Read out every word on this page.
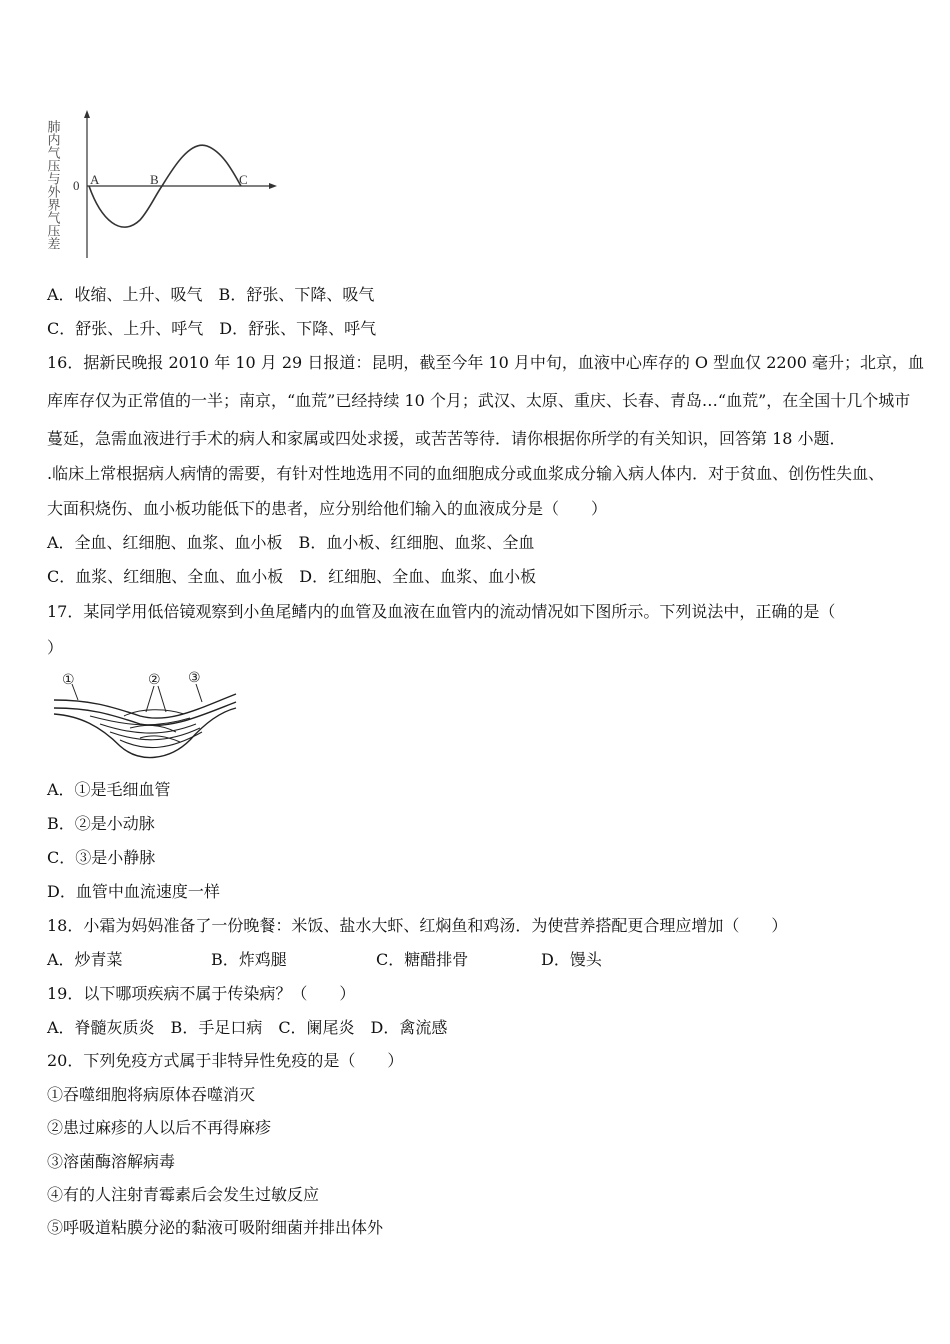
肺内气压与外界气压差 0 A	B	C
A．收缩、上升、吸气　B．舒张、下降、吸气
C．舒张、上升、呼气　D．舒张、下降、呼气
16．据新民晚报 2010 年 10 月 29 日报道：昆明，截至今年 10 月中旬，血液中心库存的 O 型血仅 2200 毫升；北京，血
库库存仅为正常值的一半；南京，“血荒”已经持续 10 个月；武汉、太原、重庆、长春、青岛…“血荒”，在全国十几个城市
蔓延，急需血液进行手术的病人和家属或四处求援，或苦苦等待．请你根据你所学的有关知识，回答第 18 小题．
.临床上常根据病人病情的需要，有针对性地选用不同的血细胞成分或血浆成分输入病人体内．对于贫血、创伤性失血、
大面积烧伤、血小板功能低下的患者，应分别给他们输入的血液成分是（　　）
A．全血、红细胞、血浆、血小板　B．血小板、红细胞、血浆、全血
C．血浆、红细胞、全血、血小板　D．红细胞、全血、血浆、血小板
17．某同学用低倍镜观察到小鱼尾鳍内的血管及血液在血管内的流动情况如下图所示。下列说法中，正确的是（
）
①	② ③
A．①是毛细血管
B．②是小动脉
C．③是小静脉
D．血管中血流速度一样
18．小霜为妈妈准备了一份晚餐：米饭、盐水大虾、红焖鱼和鸡汤．为使营养搭配更合理应增加（　　）
A．炒青菜	B．炸鸡腿	C．糖醋排骨	D．馒头
19．以下哪项疾病不属于传染病？（　　）
A．脊髓灰质炎　B．手足口病　C．阑尾炎　D．禽流感
20．下列免疫方式属于非特异性免疫的是（　　）
①吞噬细胞将病原体吞噬消灭
②患过麻疹的人以后不再得麻疹
③溶菌酶溶解病毒
④有的人注射青霉素后会发生过敏反应
⑤呼吸道粘膜分泌的黏液可吸附细菌并排出体外
